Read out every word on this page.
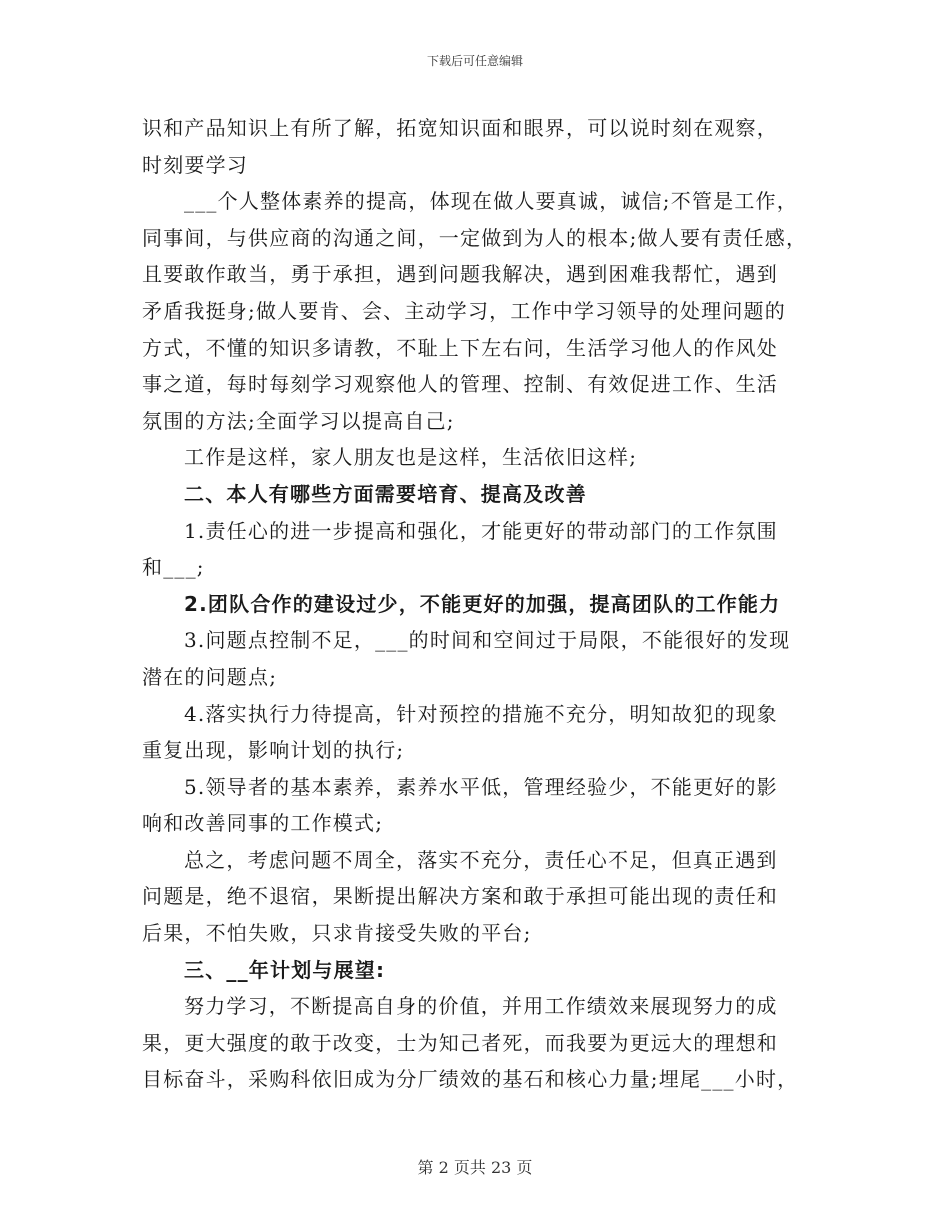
下载后可任意编辑
识和产品知识上有所了解，拓宽知识面和眼界，可以说时刻在观察，
时刻要学习
___个人整体素养的提高，体现在做人要真诚，诚信;不管是工作，
同事间，与供应商的沟通之间，一定做到为人的根本;做人要有责任感，
且要敢作敢当，勇于承担，遇到问题我解决，遇到困难我帮忙，遇到
矛盾我挺身;做人要肯、会、主动学习，工作中学习领导的处理问题的
方式，不懂的知识多请教，不耻上下左右问，生活学习他人的作风处
事之道，每时每刻学习观察他人的管理、控制、有效促进工作、生活
氛围的方法;全面学习以提高自己;
工作是这样，家人朋友也是这样，生活依旧这样;
二、本人有哪些方面需要培育、提高及改善
1.责任心的进一步提高和强化，才能更好的带动部门的工作氛围
和___;
2.团队合作的建设过少，不能更好的加强，提高团队的工作能力
3.问题点控制不足，___的时间和空间过于局限，不能很好的发现
潜在的问题点;
4.落实执行力待提高，针对预控的措施不充分，明知故犯的现象
重复出现，影响计划的执行;
5.领导者的基本素养，素养水平低，管理经验少，不能更好的影
响和改善同事的工作模式;
总之，考虑问题不周全，落实不充分，责任心不足，但真正遇到
问题是，绝不退宿，果断提出解决方案和敢于承担可能出现的责任和
后果，不怕失败，只求肯接受失败的平台;
三、__年计划与展望:
努力学习，不断提高自身的价值，并用工作绩效来展现努力的成
果，更大强度的敢于改变，士为知己者死，而我要为更远大的理想和
目标奋斗，采购科依旧成为分厂绩效的基石和核心力量;埋尾___小时，
第 2 页共 23 页
